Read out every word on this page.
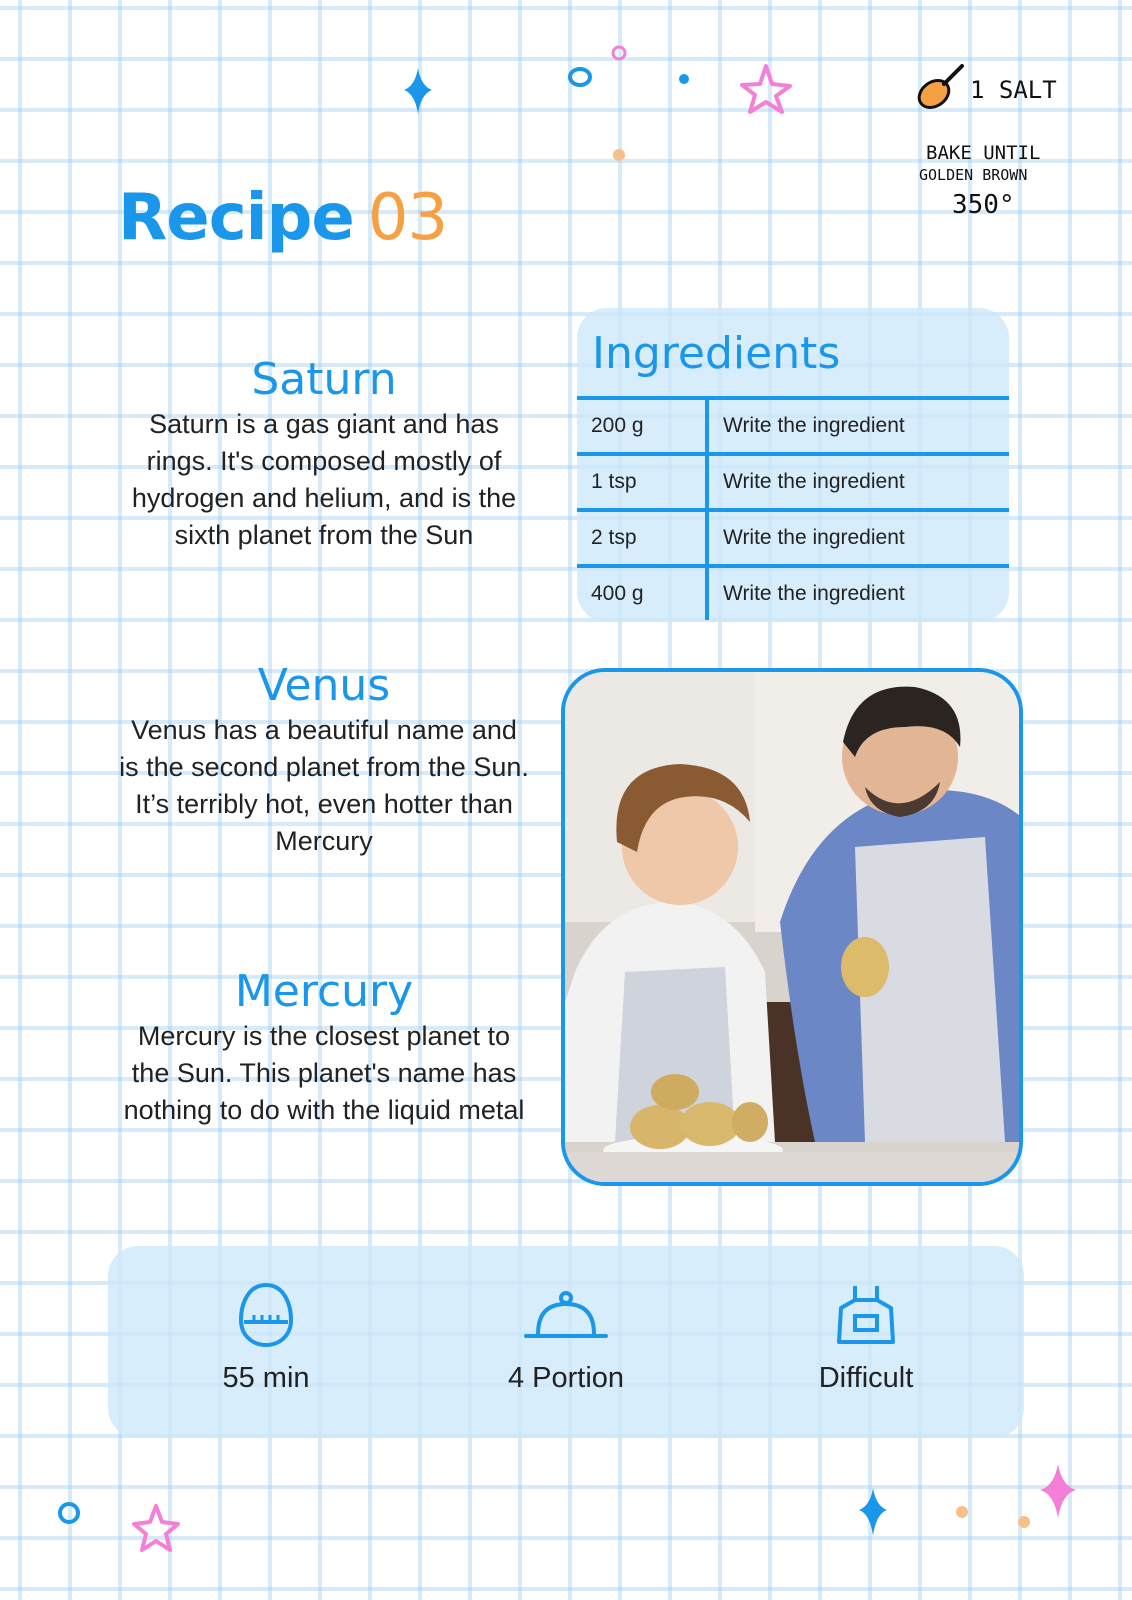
Recipe 03
1 SALT
BAKE UNTIL
GOLDEN BROWN
350°

Saturn

Saturn is a gas giant and has rings. It's composed mostly of hydrogen and helium, and is the sixth planet from the Sun

Venus

Venus has a beautiful name and is the second planet from the Sun. It’s terribly hot, even hotter than Mercury

Mercury

Mercury is the closest planet to the Sun. This planet's name has nothing to do with the liquid metal

Ingredients
200 g	Write the ingredient
1 tsp	Write the ingredient
2 tsp	Write the ingredient
400 g	Write the ingredient
55 min	4 Portion	Difficult
